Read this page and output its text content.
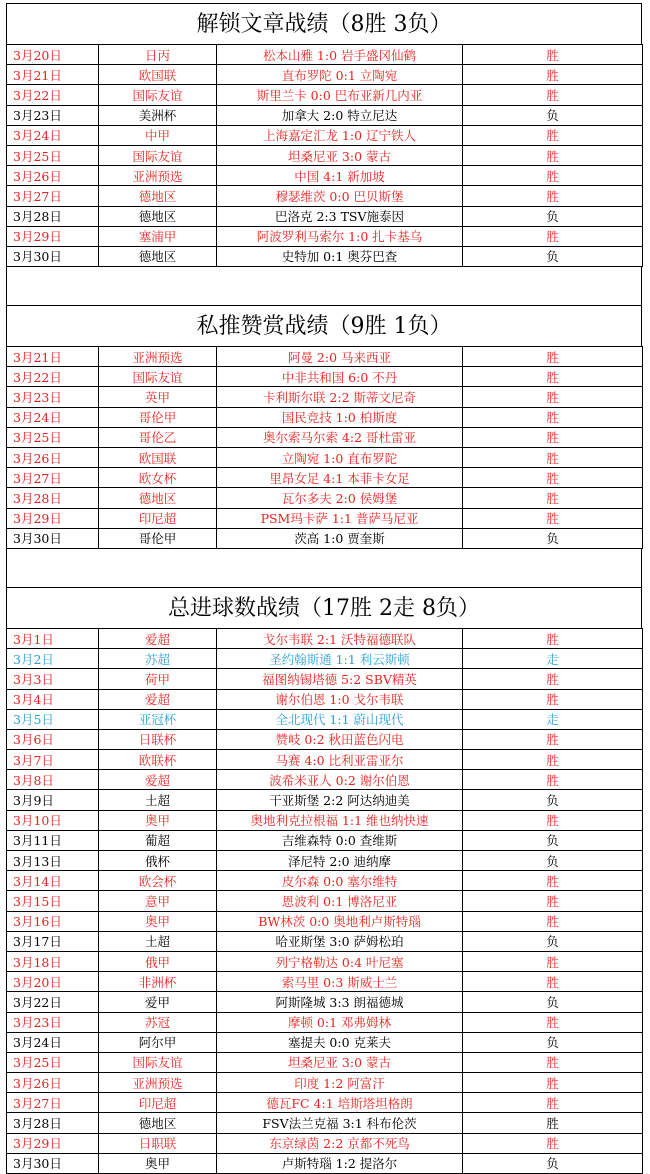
解锁文章战绩（8胜 3负）
3月20日	日丙	松本山雅 1:0 岩手盛冈仙鹤	胜
3月21日	欧国联	直布罗陀 0:1 立陶宛	胜
3月22日	国际友谊	斯里兰卡 0:0 巴布亚新几内亚	胜
3月23日	美洲杯	加拿大 2:0 特立尼达	负
3月24日	中甲	上海嘉定汇龙 1:0 辽宁铁人	胜
3月25日	国际友谊	坦桑尼亚 3:0 蒙古	胜
3月26日	亚洲预选	中国 4:1 新加坡	胜
3月27日	德地区	穆瑟维茨 0:0 巴贝斯堡	胜
3月28日	德地区	巴洛克 2:3 TSV施泰因	负
3月29日	塞浦甲	阿波罗利马索尔 1:0 扎卡基乌	胜
3月30日	德地区	史特加 0:1 奥芬巴查	负
私推赞赏战绩（9胜 1负）
3月21日	亚洲预选	阿曼 2:0 马来西亚	胜
3月22日	国际友谊	中非共和国 6:0 不丹	胜
3月23日	英甲	卡利斯尔联 2:2 斯蒂文尼奇	胜
3月24日	哥伦甲	国民竞技 1:0 柏斯度	胜
3月25日	哥伦乙	奥尔索马尔索 4:2 哥杜雷亚	胜
3月26日	欧国联	立陶宛 1:0 直布罗陀	胜
3月27日	欧女杯	里昂女足 4:1 本菲卡女足	胜
3月28日	德地区	瓦尔多夫 2:0 侯姆堡	胜
3月29日	印尼超	PSM玛卡萨 1:1 普萨马尼亚	胜
3月30日	哥伦甲	茨高 1:0 贾奎斯	负
总进球数战绩（17胜 2走 8负）
3月1日	爱超	戈尔韦联 2:1 沃特福德联队	胜
3月2日	苏超	圣约翰斯通 1:1 利云斯顿	走
3月3日	荷甲	福图纳锡塔德 5:2 SBV精英	胜
3月4日	爱超	谢尔伯恩 1:0 戈尔韦联	胜
3月5日	亚冠杯	全北现代 1:1 蔚山现代	走
3月6日	日联杯	赞岐 0:2 秋田蓝色闪电	胜
3月7日	欧联杯	马赛 4:0 比利亚雷亚尔	胜
3月8日	爱超	波希米亚人 0:2 谢尔伯恩	胜
3月9日	土超	干亚斯堡 2:2 阿达纳迪美	负
3月10日	奥甲	奥地利克拉根福 1:1 维也纳快速	胜
3月11日	葡超	吉维森特 0:0 查维斯	负
3月13日	俄杯	泽尼特 2:0 迪纳摩	负
3月14日	欧会杯	皮尔森 0:0 塞尔维特	胜
3月15日	意甲	恩波利 0:1 博洛尼亚	胜
3月16日	奥甲	BW林茨 0:0 奥地利卢斯特瑙	胜
3月17日	土超	哈亚斯堡 3:0 萨姆松珀	负
3月18日	俄甲	列宁格勒达 0:4 叶尼塞	胜
3月20日	非洲杯	索马里 0:3 斯威士兰	胜
3月22日	爱甲	阿斯隆城 3:3 朗福德城	负
3月23日	苏冠	摩顿 0:1 邓弗姆林	胜
3月24日	阿尔甲	塞提夫 0:0 克莱夫	负
3月25日	国际友谊	坦桑尼亚 3:0 蒙古	胜
3月26日	亚洲预选	印度 1:2 阿富汗	胜
3月27日	印尼超	德瓦FC 4:1 培斯塔坦格朗	胜
3月28日	德地区	FSV法兰克福 3:1 科布伦茨	胜
3月29日	日职联	东京绿茵 2:2 京都不死鸟	胜
3月30日	奥甲	卢斯特瑙 1:2 提洛尔	负
